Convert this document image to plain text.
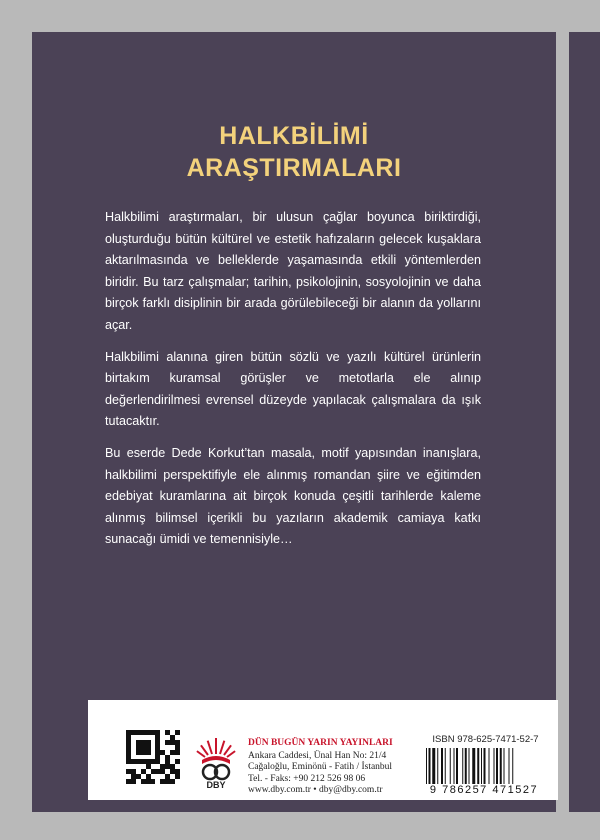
HALKBİLİMİ
ARAŞTIRMALARI

Halkbilimi araştırmaları, bir ulusun çağlar boyunca biriktirdiği, oluşturduğu bütün kültürel ve estetik hafızaların gelecek kuşaklara aktarılmasında ve belleklerde yaşamasında etkili yöntemlerden biridir. Bu tarz çalışmalar; tarihin, psikolojinin, sosyolojinin ve daha birçok farklı disiplinin bir arada görülebileceği bir alanın da yollarını açar.

Halkbilimi alanına giren bütün sözlü ve yazılı kültürel ürünlerin birtakım kuramsal görüşler ve metotlarla ele alınıp değerlendirilmesi evrensel düzeyde yapılacak çalışmalara da ışık tutacaktır.

Bu eserde Dede Korkut’tan masala, motif yapısından inanışlara, halkbilimi perspektifiyle ele alınmış romandan şiire ve eğitimden edebiyat kuramlarına ait birçok konuda çeşitli tarihlerde kaleme alınmış bilimsel içerikli bu yazıların akademik camiaya katkı sunacağı ümidi ve temennisiyle…

DBY
DÜN BUGÜN YARIN YAYINLARI
Ankara Caddesi, Ünal Han No: 21/4
Cağaloğlu, Eminönü - Fatih / İstanbul
Tel. - Faks: +90 212 526 98 06
www.dby.com.tr • dby@dby.com.tr
ISBN 978-625-7471-52-7
9 786257 471527
